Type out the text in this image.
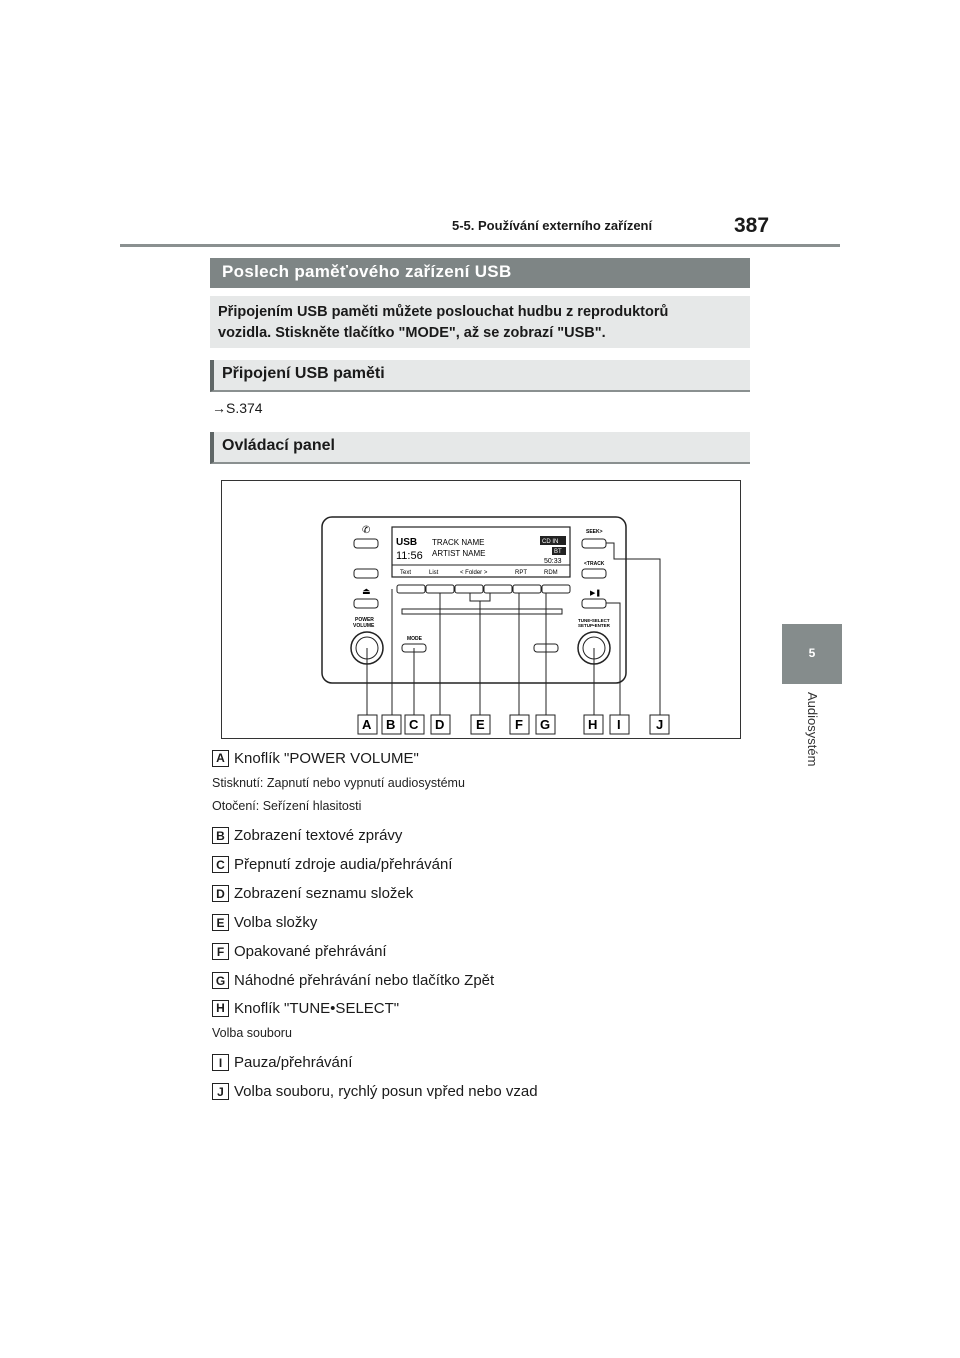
5-5. Používání externího zařízení	387
5
Audiosystém
Poslech paměťového zařízení USB
Připojením USB paměti můžete poslouchat hudbu z reproduktorů
vozidla. Stiskněte tlačítko "MODE", až se zobrazí "USB".
Připojení USB paměti
→S.374
Ovládací panel
USB
11:56
TRACK NAME
ARTIST NAME
CD IN
BT
50:33
Text	List	< Folder >	RPT	RDM
✆
⏏
POWER
VOLUME
MODE
SEEK>
<TRACK
▶❚
TUNE•SELECT
SETUP•ENTER
A B C D E F G	H I	J
A Knoflík "POWER VOLUME"
Stisknutí: Zapnutí nebo vypnutí audiosystému
Otočení: Seřízení hlasitosti
B Zobrazení textové zprávy
C Přepnutí zdroje audia/přehrávání
D Zobrazení seznamu složek
E Volba složky
F Opakované přehrávání
G Náhodné přehrávání nebo tlačítko Zpět
H Knoflík "TUNE•SELECT"
Volba souboru
I Pauza/přehrávání
J Volba souboru, rychlý posun vpřed nebo vzad
